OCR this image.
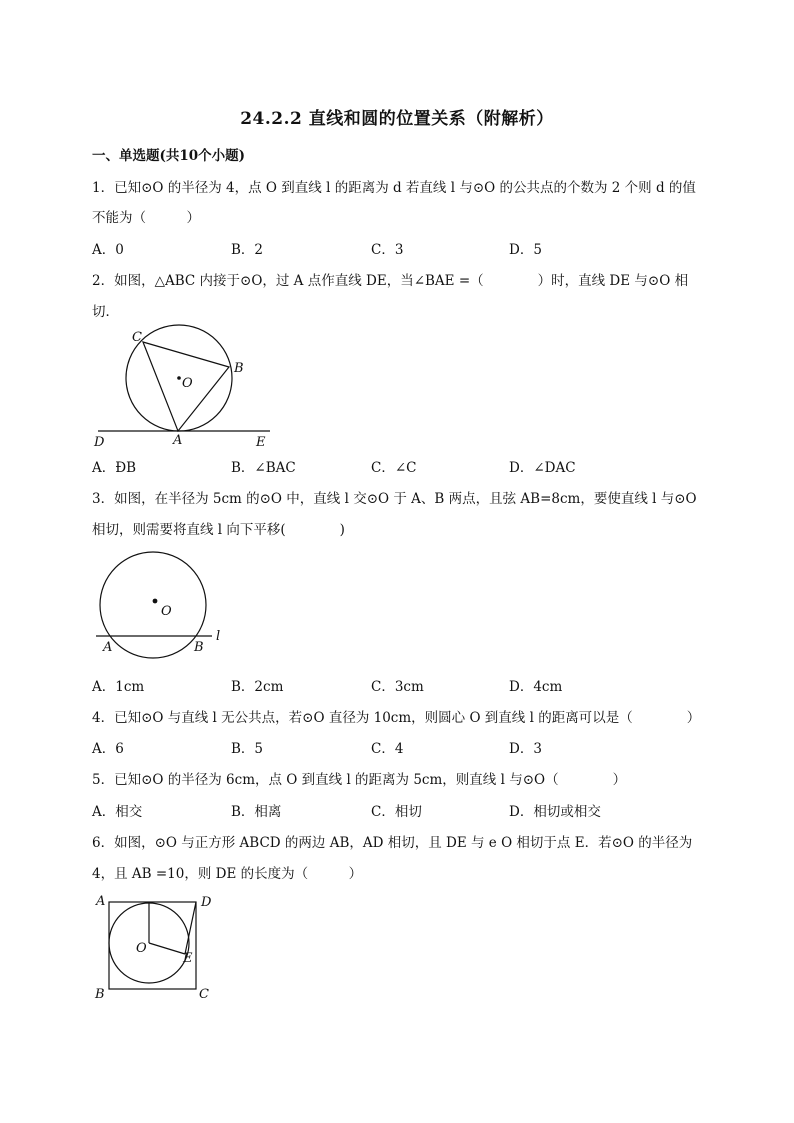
24.2.2 直线和圆的位置关系（附解析）
一、单选题(共10个小题)
1．已知⊙O 的半径为 4，点 O 到直线 l 的距离为 d 若直线 l 与⊙O 的公共点的个数为 2 个则 d 的值
不能为（　　　）
A．0	B．2	C．3	D．5
2．如图，△ABC 内接于⊙O，过 A 点作直线 DE，当∠BAE =（　　　　）时，直线 DE 与⊙O 相
切．
C
B
O
D	A	E
A．ÐB	B．∠BAC	C．∠C	D．∠DAC
3．如图，在半径为 5cm 的⊙O 中，直线 l 交⊙O 于 A、B 两点，且弦 AB=8cm，要使直线 l 与⊙O
相切，则需要将直线 l 向下平移(　　　　)
O
A	B
l
A．1cm	B．2cm	C．3cm	D．4cm
4．已知⊙O 与直线 l 无公共点，若⊙O 直径为 10cm，则圆心 O 到直线 l 的距离可以是（　　　　）
A．6	B．5	C．4	D．3
5．已知⊙O 的半径为 6cm，点 O 到直线 l 的距离为 5cm，则直线 l 与⊙O（　　　　）
A．相交	B．相离	C．相切	D．相切或相交
6．如图，⊙O 与正方形 ABCD 的两边 AB，AD 相切，且 DE 与 e O 相切于点 E．若⊙O 的半径为
4，且 AB =10，则 DE 的长度为（　　　）
A	D
O
E
B	C
